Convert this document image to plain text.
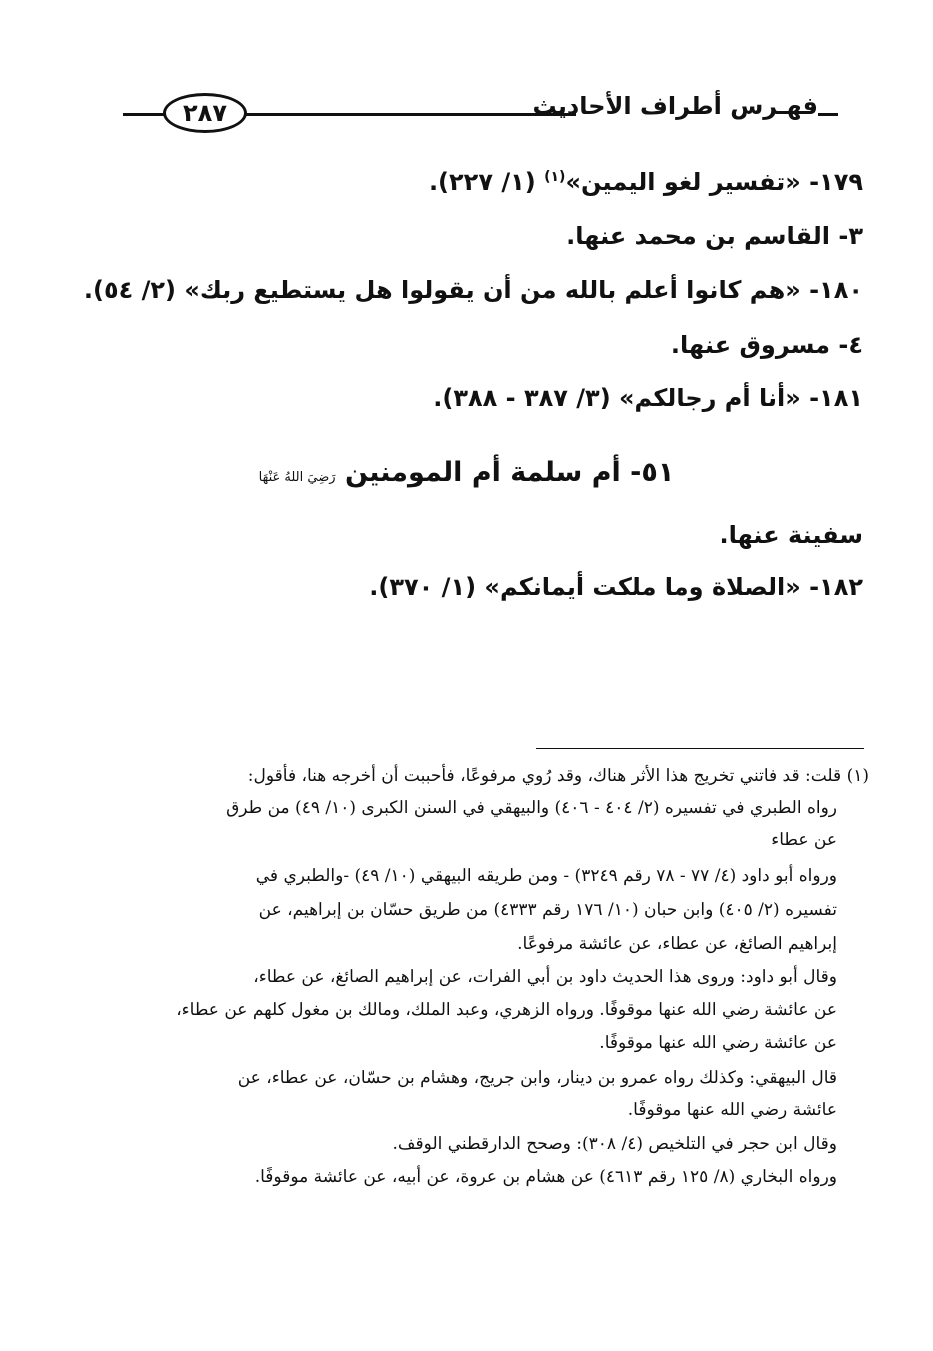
٢٨٧	فهـرس أطراف الأحاديث
١٧٩- «تفسير لغو اليمين»$^{(١)}$ (١/ ٢٢٧).
٣- القاسم بن محمد عنها.
١٨٠- «هم كانوا أعلم بالله من أن يقولوا هل يستطيع ربك» (٢/ ٥٤).
٤- مسروق عنها.
١٨١- «أنا أم رجالكم» (٣/ ٣٨٧ - ٣٨٨).
٥١- أم سلمة أم المومنين رَضِيَ اللهُ عَنْهَا
سفينة عنها.
١٨٢- «الصلاة وما ملكت أيمانكم» (١/ ٣٧٠).
(١) قلت: قد فاتني تخريج هذا الأثر هناك، وقد رُوي مرفوعًا، فأحببت أن أخرجه هنا، فأقول:
رواه الطبري في تفسيره (٢/ ٤٠٤ - ٤٠٦) والبيهقي في السنن الكبرى (١٠/ ٤٩) من طرق
عن عطاء
ورواه أبو داود (٤/ ٧٧ - ٧٨ رقم ٣٢٤٩) - ومن طريقه البيهقي (١٠/ ٤٩) -والطبري في
تفسيره (٢/ ٤٠٥) وابن حبان (١٠/ ١٧٦ رقم ٤٣٣٣) من طريق حسّان بن إبراهيم، عن
إبراهيم الصائغ، عن عطاء، عن عائشة مرفوعًا.
وقال أبو داود: وروى هذا الحديث داود بن أبي الفرات، عن إبراهيم الصائغ، عن عطاء،
عن عائشة رضي الله عنها موقوفًا. ورواه الزهري، وعبد الملك، ومالك بن مغول كلهم عن عطاء،
عن عائشة رضي الله عنها موقوفًا.
قال البيهقي: وكذلك رواه عمرو بن دينار، وابن جريج، وهشام بن حسّان، عن عطاء، عن
عائشة رضي الله عنها موقوفًا.
وقال ابن حجر في التلخيص (٤/ ٣٠٨): وصحح الدارقطني الوقف.
ورواه البخاري (٨/ ١٢٥ رقم ٤٦١٣) عن هشام بن عروة، عن أبيه، عن عائشة موقوفًا.
